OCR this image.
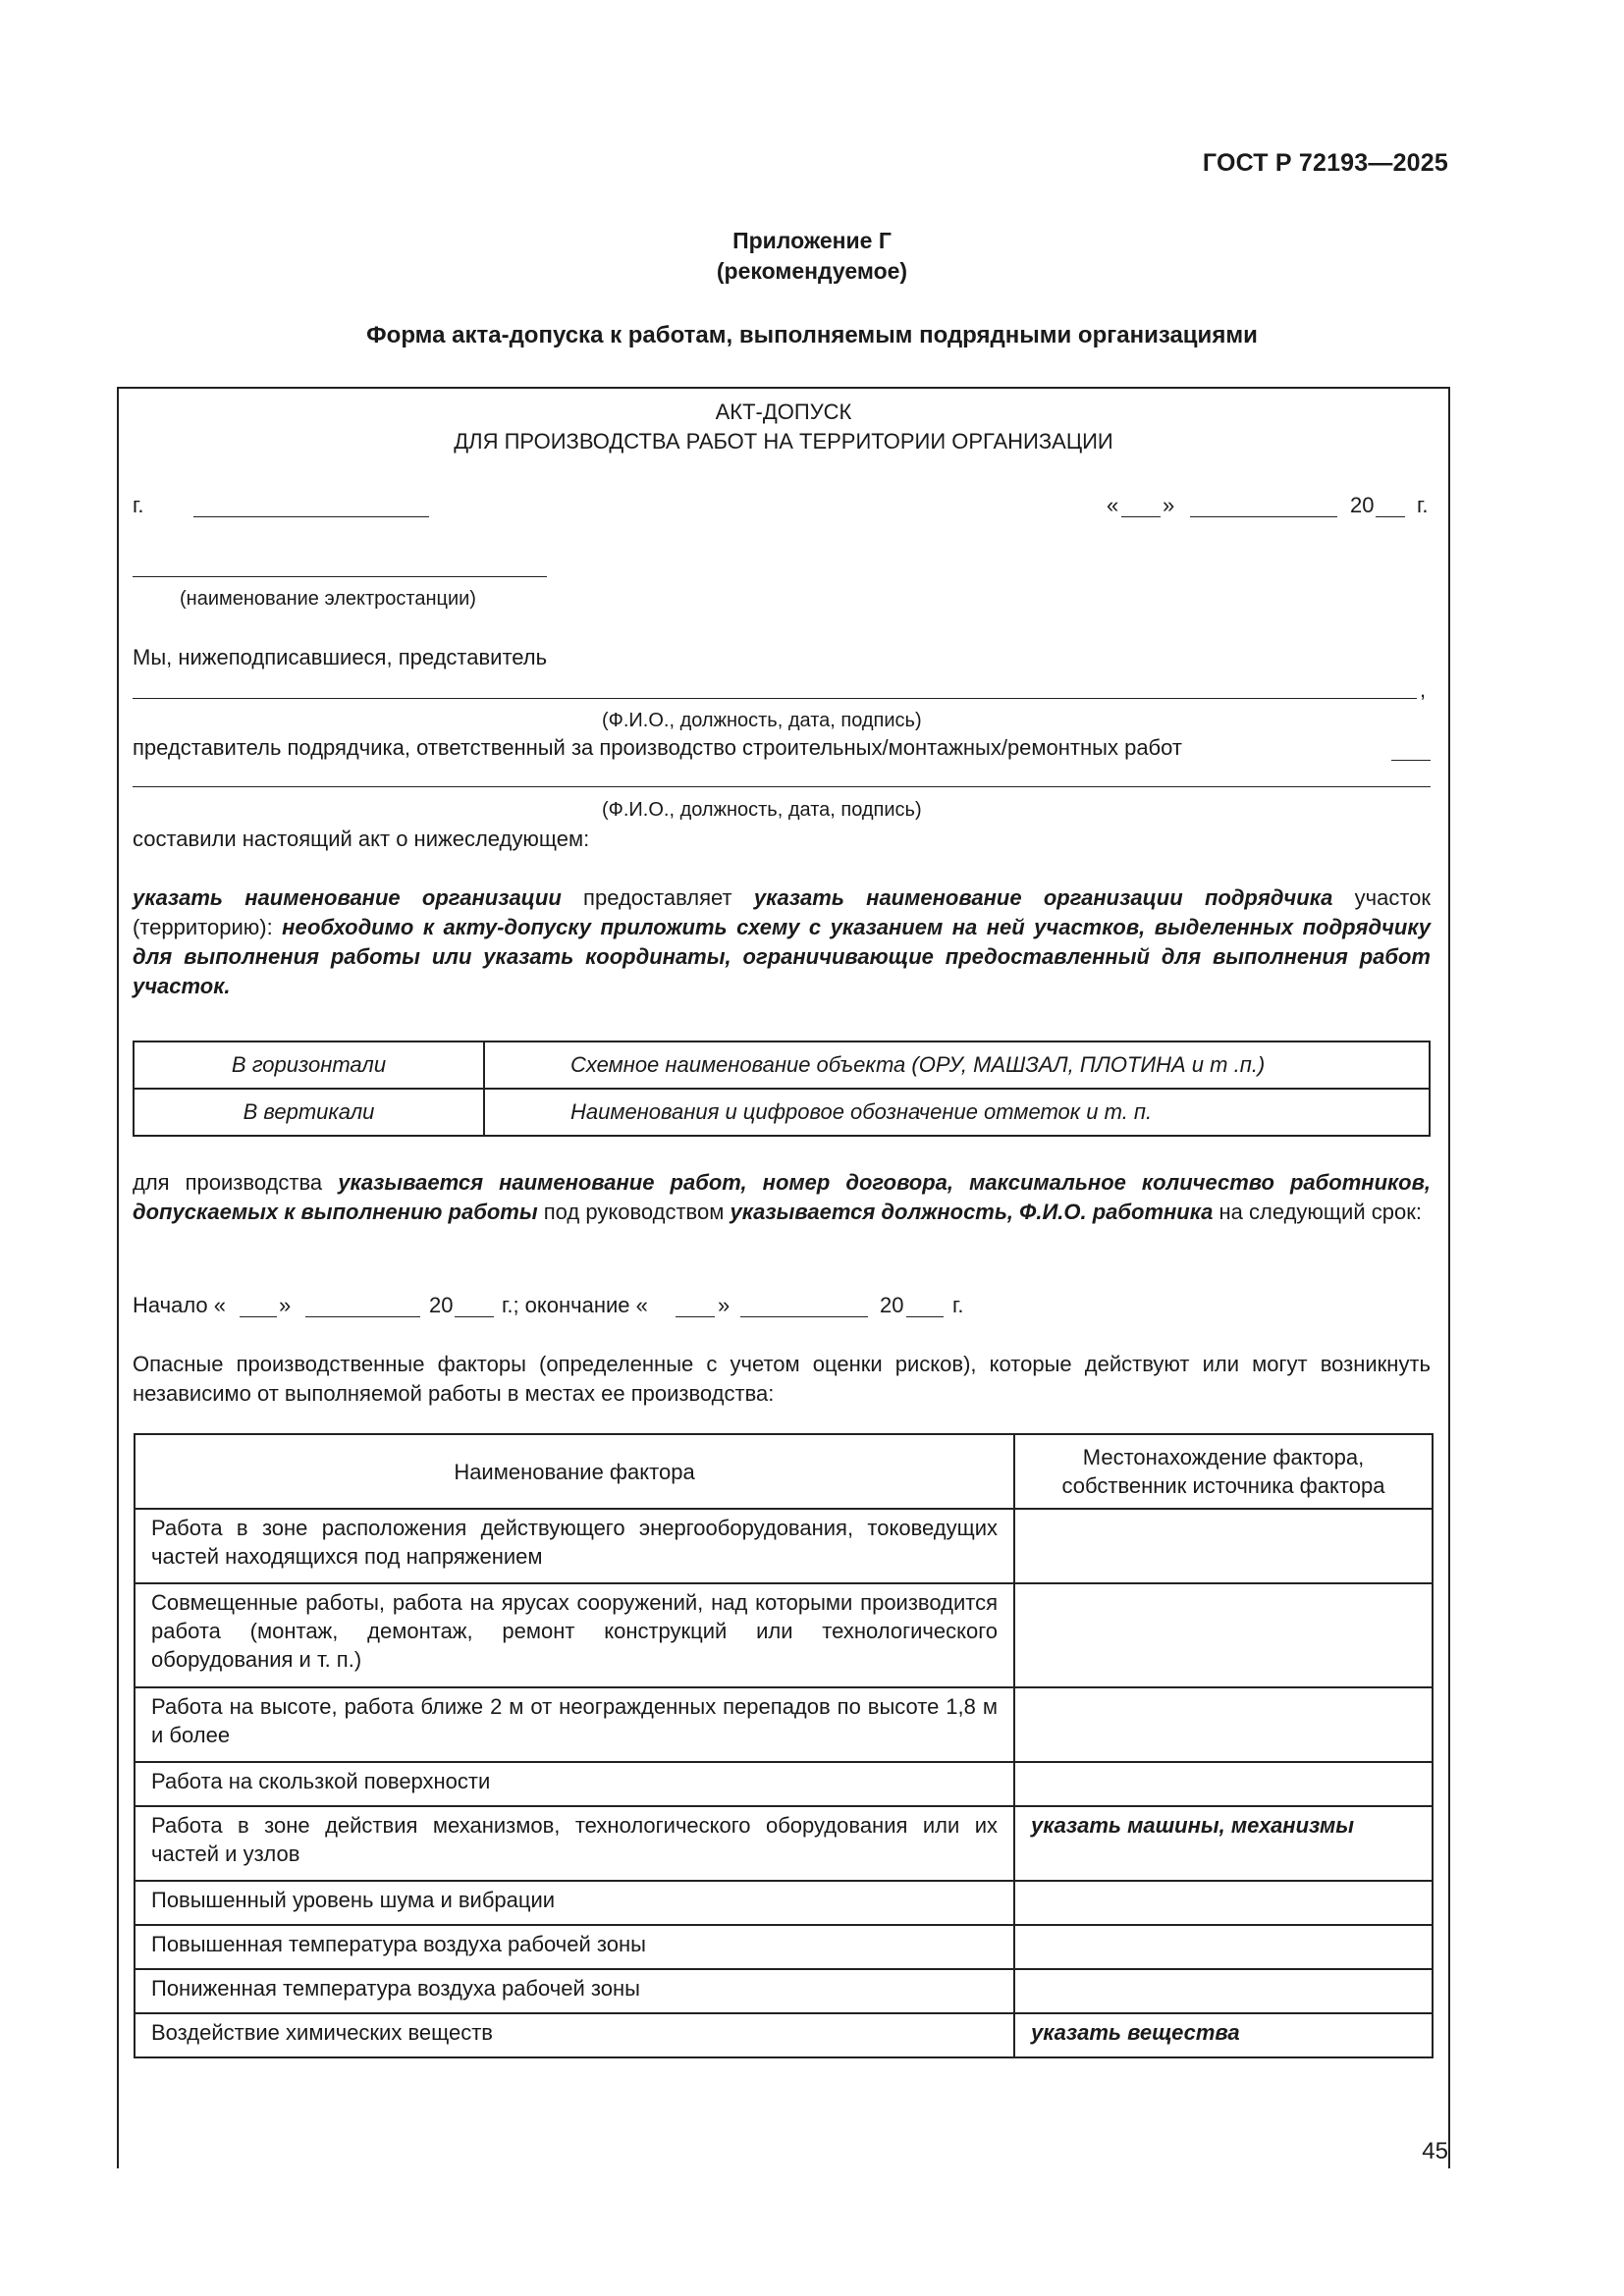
ГОСТ Р 72193—2025
Приложение Г
(рекомендуемое)
Форма акта-допуска к работам, выполняемым подрядными организациями
АКТ-ДОПУСК
ДЛЯ ПРОИЗВОДСТВА РАБОТ НА ТЕРРИТОРИИ ОРГАНИЗАЦИИ
г.	« »	20 г.
(наименование электростанции)
Мы, нижеподписавшиеся, представитель
,
(Ф.И.О., должность, дата, подпись)
представитель подрядчика, ответственный за производство строительных/монтажных/ремонтных работ
(Ф.И.О., должность, дата, подпись)
составили настоящий акт о нижеследующем:
указать наименование организации предоставляет указать наименование организации подрядчика участок (территорию): необходимо к акту-допуску приложить схему с указанием на ней участков, выделенных подрядчику для выполнения работы или указать координаты, ограничивающие предоставленный для выполнения работ участок.
В горизонтали	Схемное наименование объекта (ОРУ, МАШЗАЛ, ПЛОТИНА и т .п.)
В вертикали	Наименования и цифровое обозначение отметок и т. п.
для производства указывается наименование работ, номер договора, максимальное количество работников, допускаемых к выполнению работы под руководством указывается должность, Ф.И.О. работника на следующий срок:
Начало « »	20 г.; окончание «	»	20 г.
Опасные производственные факторы (определенные с учетом оценки рисков), которые действуют или могут возникнуть независимо от выполняемой работы в местах ее производства:
Наименование фактора	Местонахождение фактора, собственник источника фактора
Работа в зоне расположения действующего энергооборудования, токоведущих частей находящихся под напряжением	
Совмещенные работы, работа на ярусах сооружений, над которыми производится работа (монтаж, демонтаж, ремонт конструкций или технологического оборудования и т. п.)	
Работа на высоте, работа ближе 2 м от неогражденных перепадов по высоте 1,8 м и более	
Работа на скользкой поверхности	
Работа в зоне действия механизмов, технологического оборудования или их частей и узлов	указать машины, механизмы
Повышенный уровень шума и вибрации	
Повышенная температура воздуха рабочей зоны	
Пониженная температура воздуха рабочей зоны	
Воздействие химических веществ	указать вещества
45
